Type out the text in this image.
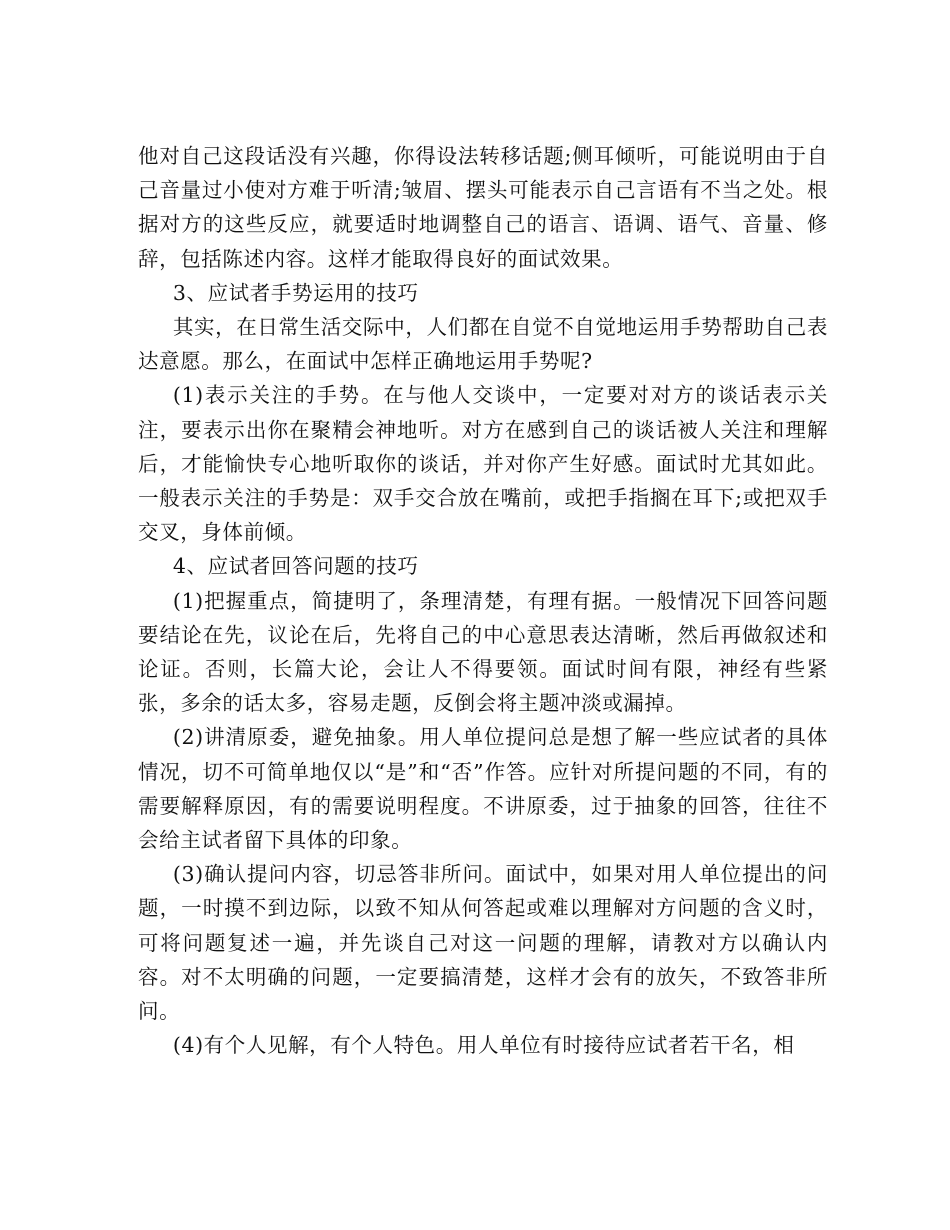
他对自己这段话没有兴趣，你得设法转移话题;侧耳倾听，可能说明由于自己音量过小使对方难于听清;皱眉、摆头可能表示自己言语有不当之处。根据对方的这些反应，就要适时地调整自己的语言、语调、语气、音量、修辞，包括陈述内容。这样才能取得良好的面试效果。

3、应试者手势运用的技巧

其实，在日常生活交际中，人们都在自觉不自觉地运用手势帮助自己表达意愿。那么，在面试中怎样正确地运用手势呢?

(1)表示关注的手势。在与他人交谈中，一定要对对方的谈话表示关注，要表示出你在聚精会神地听。对方在感到自己的谈话被人关注和理解后，才能愉快专心地听取你的谈话，并对你产生好感。面试时尤其如此。一般表示关注的手势是：双手交合放在嘴前，或把手指搁在耳下;或把双手交叉，身体前倾。

4、应试者回答问题的技巧

(1)把握重点，简捷明了，条理清楚，有理有据。一般情况下回答问题要结论在先，议论在后，先将自己的中心意思表达清晰，然后再做叙述和论证。否则，长篇大论，会让人不得要领。面试时间有限，神经有些紧张，多余的话太多，容易走题，反倒会将主题冲淡或漏掉。

(2)讲清原委，避免抽象。用人单位提问总是想了解一些应试者的具体情况，切不可简单地仅以“是”和“否”作答。应针对所提问题的不同，有的需要解释原因，有的需要说明程度。不讲原委，过于抽象的回答，往往不会给主试者留下具体的印象。

(3)确认提问内容，切忌答非所问。面试中，如果对用人单位提出的问题，一时摸不到边际，以致不知从何答起或难以理解对方问题的含义时，可将问题复述一遍，并先谈自己对这一问题的理解，请教对方以确认内容。对不太明确的问题，一定要搞清楚，这样才会有的放矢，不致答非所问。

(4)有个人见解，有个人特色。用人单位有时接待应试者若干名，相
